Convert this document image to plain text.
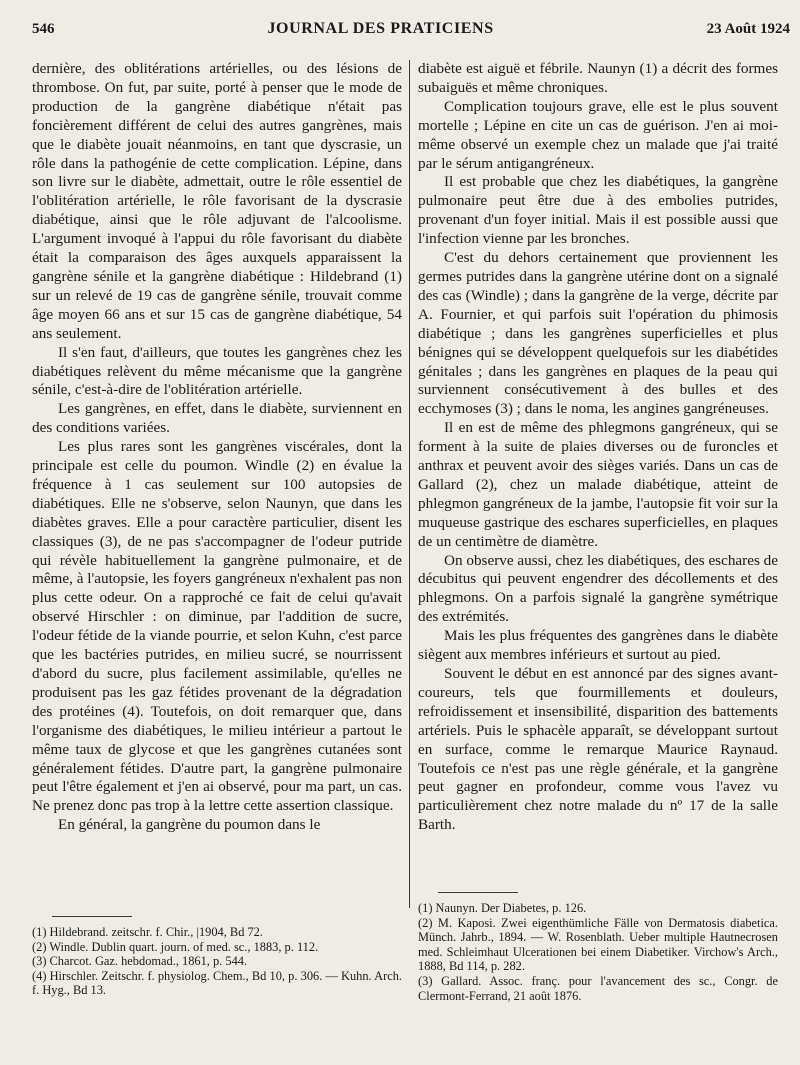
546	JOURNAL DES PRATICIENS	23 Août 1924

dernière, des oblitérations artérielles, ou des lésions de thrombose. On fut, par suite, porté à penser que le mode de production de la gangrène diabétique n'était pas foncièrement différent de celui des autres gangrènes, mais que le diabète jouait néanmoins, en tant que dyscrasie, un rôle dans la pathogénie de cette complication. Lépine, dans son livre sur le diabète, admettait, outre le rôle essentiel de l'oblitération artérielle, le rôle favorisant de la dyscrasie diabétique, ainsi que le rôle adjuvant de l'alcoolisme. L'argument invoqué à l'appui du rôle favorisant du diabète était la comparaison des âges auxquels apparaissent la gangrène sénile et la gangrène diabétique : Hildebrand (1) sur un relevé de 19 cas de gangrène sénile, trouvait comme âge moyen 66 ans et sur 15 cas de gangrène diabétique, 54 ans seulement.

Il s'en faut, d'ailleurs, que toutes les gangrènes chez les diabétiques relèvent du même mécanisme que la gangrène sénile, c'est-à-dire de l'oblitération artérielle.

Les gangrènes, en effet, dans le diabète, surviennent en des conditions variées.

Les plus rares sont les gangrènes viscérales, dont la principale est celle du poumon. Windle (2) en évalue la fréquence à 1 cas seulement sur 100 autopsies de diabétiques. Elle ne s'observe, selon Naunyn, que dans les diabètes graves. Elle a pour caractère particulier, disent les classiques (3), de ne pas s'accompagner de l'odeur putride qui révèle habituellement la gangrène pulmonaire, et de même, à l'autopsie, les foyers gangréneux n'exhalent pas non plus cette odeur. On a rapproché ce fait de celui qu'avait observé Hirschler : on diminue, par l'addition de sucre, l'odeur fétide de la viande pourrie, et selon Kuhn, c'est parce que les bactéries putrides, en milieu sucré, se nourrissent d'abord du sucre, plus facilement assimilable, qu'elles ne produisent pas les gaz fétides provenant de la dégradation des protéines (4). Toutefois, on doit remarquer que, dans l'organisme des diabétiques, le milieu intérieur a partout le même taux de glycose et que les gangrènes cutanées sont généralement fétides. D'autre part, la gangrène pulmonaire peut l'être également et j'en ai observé, pour ma part, un cas. Ne prenez donc pas trop à la lettre cette assertion classique.

En général, la gangrène du poumon dans le

diabète est aiguë et fébrile. Naunyn (1) a décrit des formes subaiguës et même chroniques.

Complication toujours grave, elle est le plus souvent mortelle ; Lépine en cite un cas de guérison. J'en ai moi-même observé un exemple chez un malade que j'ai traité par le sérum antigangréneux.

Il est probable que chez les diabétiques, la gangrène pulmonaire peut être due à des embolies putrides, provenant d'un foyer initial. Mais il est possible aussi que l'infection vienne par les bronches.

C'est du dehors certainement que proviennent les germes putrides dans la gangrène utérine dont on a signalé des cas (Windle) ; dans la gangrène de la verge, décrite par A. Fournier, et qui parfois suit l'opération du phimosis diabétique ; dans les gangrènes superficielles et plus bénignes qui se développent quelquefois sur les diabétides génitales ; dans les gangrènes en plaques de la peau qui surviennent consécutivement à des bulles et des ecchymoses (3) ; dans le noma, les angines gangréneuses.

Il en est de même des phlegmons gangréneux, qui se forment à la suite de plaies diverses ou de furoncles et anthrax et peuvent avoir des sièges variés. Dans un cas de Gallard (2), chez un malade diabétique, atteint de phlegmon gangréneux de la jambe, l'autopsie fit voir sur la muqueuse gastrique des eschares superficielles, en plaques de un centimètre de diamètre.

On observe aussi, chez les diabétiques, des eschares de décubitus qui peuvent engendrer des décollements et des phlegmons. On a parfois signalé la gangrène symétrique des extrémités.

Mais les plus fréquentes des gangrènes dans le diabète siègent aux membres inférieurs et surtout au pied.

Souvent le début en est annoncé par des signes avant-coureurs, tels que fourmillements et douleurs, refroidissement et insensibilité, disparition des battements artériels. Puis le sphacèle apparaît, se développant surtout en surface, comme le remarque Maurice Raynaud. Toutefois ce n'est pas une règle générale, et la gangrène peut gagner en profondeur, comme vous l'avez vu particulièrement chez notre malade du nº 17 de la salle Barth.

(1) Hildebrand. zeitschr. f. Chir., |1904, Bd 72.

(2) Windle. Dublin quart. journ. of med. sc., 1883, p. 112.

(3) Charcot. Gaz. hebdomad., 1861, p. 544.

(4) Hirschler. Zeitschr. f. physiolog. Chem., Bd 10, p. 306. — Kuhn. Arch. f. Hyg., Bd 13.

(1) Naunyn. Der Diabetes, p. 126.

(2) M. Kaposi. Zwei eigenthümliche Fälle von Dermatosis diabetica. Münch. Jahrb., 1894. — W. Rosenblath. Ueber multiple Hautnecrosen med. Schleimhaut Ulcerationen bei einem Diabetiker. Virchow's Arch., 1888, Bd 114, p. 282.

(3) Gallard. Assoc. franç. pour l'avancement des sc., Congr. de Clermont-Ferrand, 21 août 1876.
